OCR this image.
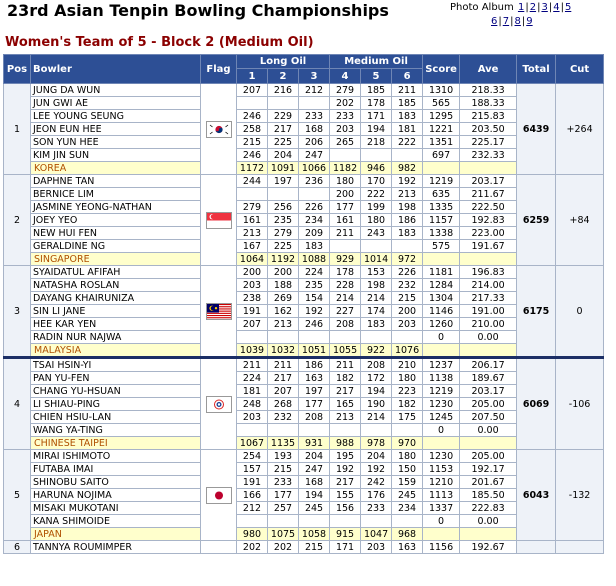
23rd Asian Tenpin Bowling Championships	Photo Album 1|2|3|4|5
6|7|8|9
Women's Team of 5 - Block 2 (Medium Oil)
Pos	Bowler	Flag	Long Oil			Medium Oil			Score	Ave	Total	Cut
			1	2	3	4	5	6				
1	JUNG DA WUN		207	216	212	279	185	211	1310	218.33	6439	+264
	JUN GWI AE					202	178	185	565	188.33		
	LEE YOUNG SEUNG		246	229	233	233	171	183	1295	215.83		
	JEON EUN HEE		258	217	168	203	194	181	1221	203.50		
	SON YUN HEE		215	225	206	265	218	222	1351	225.17		
	KIM JIN SUN		246	204	247				697	232.33		
	KOREA		1172	1091	1066	1182	946	982				
2	DAPHNE TAN		244	197	236	180	170	192	1219	203.17	6259	+84
	BERNICE LIM					200	222	213	635	211.67		
	JASMINE YEONG-NATHAN		279	256	226	177	199	198	1335	222.50		
	JOEY YEO		161	235	234	161	180	186	1157	192.83		
	NEW HUI FEN		213	279	209	211	243	183	1338	223.00		
	GERALDINE NG		167	225	183				575	191.67		
	SINGAPORE		1064	1192	1088	929	1014	972				
3	SYAIDATUL AFIFAH		200	200	224	178	153	226	1181	196.83	6175	0
	NATASHA ROSLAN		203	188	235	228	198	232	1284	214.00		
	DAYANG KHAIRUNIZA		238	269	154	214	214	215	1304	217.33		
	SIN LI JANE		191	162	192	227	174	200	1146	191.00		
	HEE KAR YEN		207	213	246	208	183	203	1260	210.00		
	RADIN NUR NAJWA								0	0.00		
	MALAYSIA		1039	1032	1051	1055	922	1076				
4	TSAI HSIN-YI		211	211	186	211	208	210	1237	206.17	6069	-106
	PAN YU-FEN		224	217	163	182	172	180	1138	189.67		
	CHANG YU-HSUAN		181	207	197	217	194	223	1219	203.17		
	LI SHIAU-PING		248	268	177	165	190	182	1230	205.00		
	CHIEN HSIU-LAN		203	232	208	213	214	175	1245	207.50		
	WANG YA-TING								0	0.00		
	CHINESE TAIPEI		1067	1135	931	988	978	970				
5	MIRAI ISHIMOTO		254	193	204	195	204	180	1230	205.00	6043	-132
	FUTABA IMAI		157	215	247	192	192	150	1153	192.17		
	SHINOBU SAITO		191	233	168	217	242	159	1210	201.67		
	HARUNA NOJIMA		166	177	194	155	176	245	1113	185.50		
	MISAKI MUKOTANI		212	257	245	156	233	234	1337	222.83		
	KANA SHIMOIDE								0	0.00		
	JAPAN		980	1075	1058	915	1047	968				
6	TANNYA ROUMIMPER		202	202	215	171	203	163	1156	192.67		
